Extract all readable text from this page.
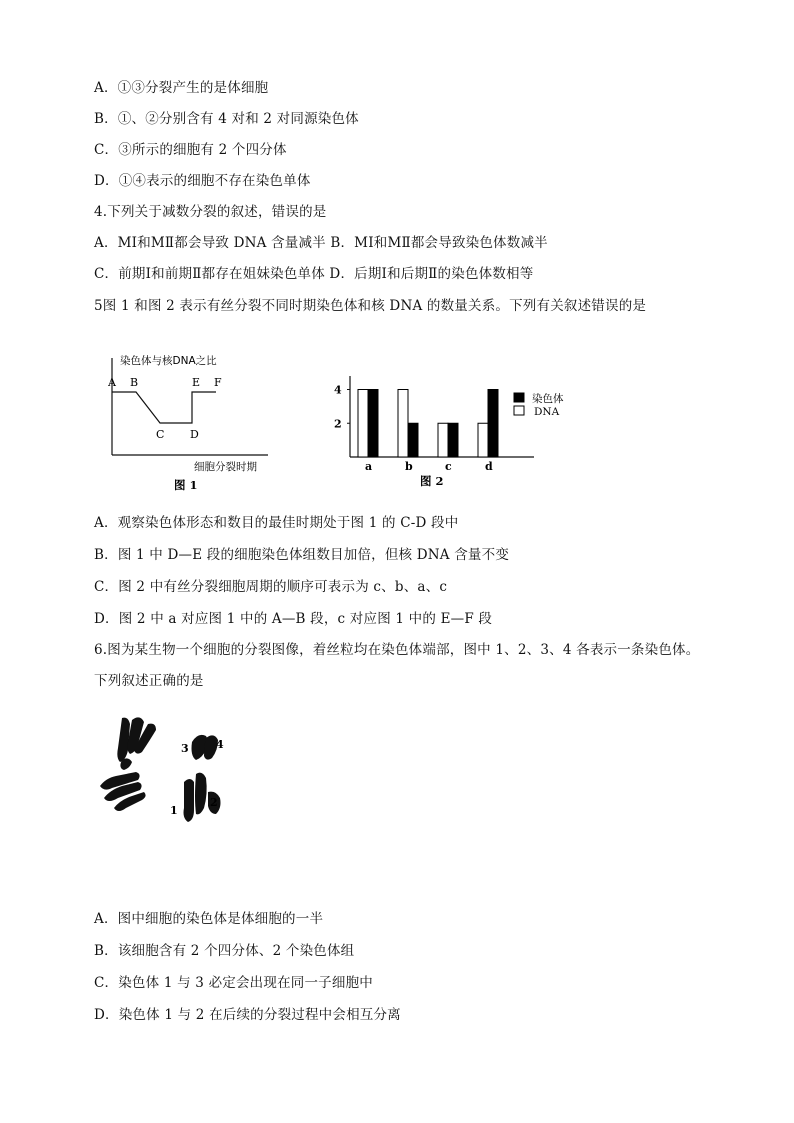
A．①③分裂产生的是体细胞
B．①、②分别含有 4 对和 2 对同源染色体
C．③所示的细胞有 2 个四分体
D．①④表示的细胞不存在染色单体
4.下列关于减数分裂的叙述，错误的是
A．MⅠ和MⅡ都会导致 DNA 含量减半 B．MⅠ和MⅡ都会导致染色体数减半
C．前期Ⅰ和前期Ⅱ都存在姐妹染色单体 D．后期Ⅰ和后期Ⅱ的染色体数相等
5图 1 和图 2 表示有丝分裂不同时期染色体和核 DNA 的数量关系。下列有关叙述错误的是
染色体与核DNA之比
A B
C D
E F
细胞分裂时期
图 1
2
4
a	b	c	d
染色体
DNA
图 2
A．观察染色体形态和数目的最佳时期处于图 1 的 C-D 段中
B．图 1 中 D—E 段的细胞染色体组数目加倍，但核 DNA 含量不变
C．图 2 中有丝分裂细胞周期的顺序可表示为 c、b、a、c
D．图 2 中 a 对应图 1 中的 A—B 段，c 对应图 1 中的 E—F 段
6.图为某生物一个细胞的分裂图像，着丝粒均在染色体端部，图中 1、2、3、4 各表示一条染色体。
下列叙述正确的是
3 4
1
2
A．图中细胞的染色体是体细胞的一半
B．该细胞含有 2 个四分体、2 个染色体组
C．染色体 1 与 3 必定会出现在同一子细胞中
D．染色体 1 与 2 在后续的分裂过程中会相互分离
